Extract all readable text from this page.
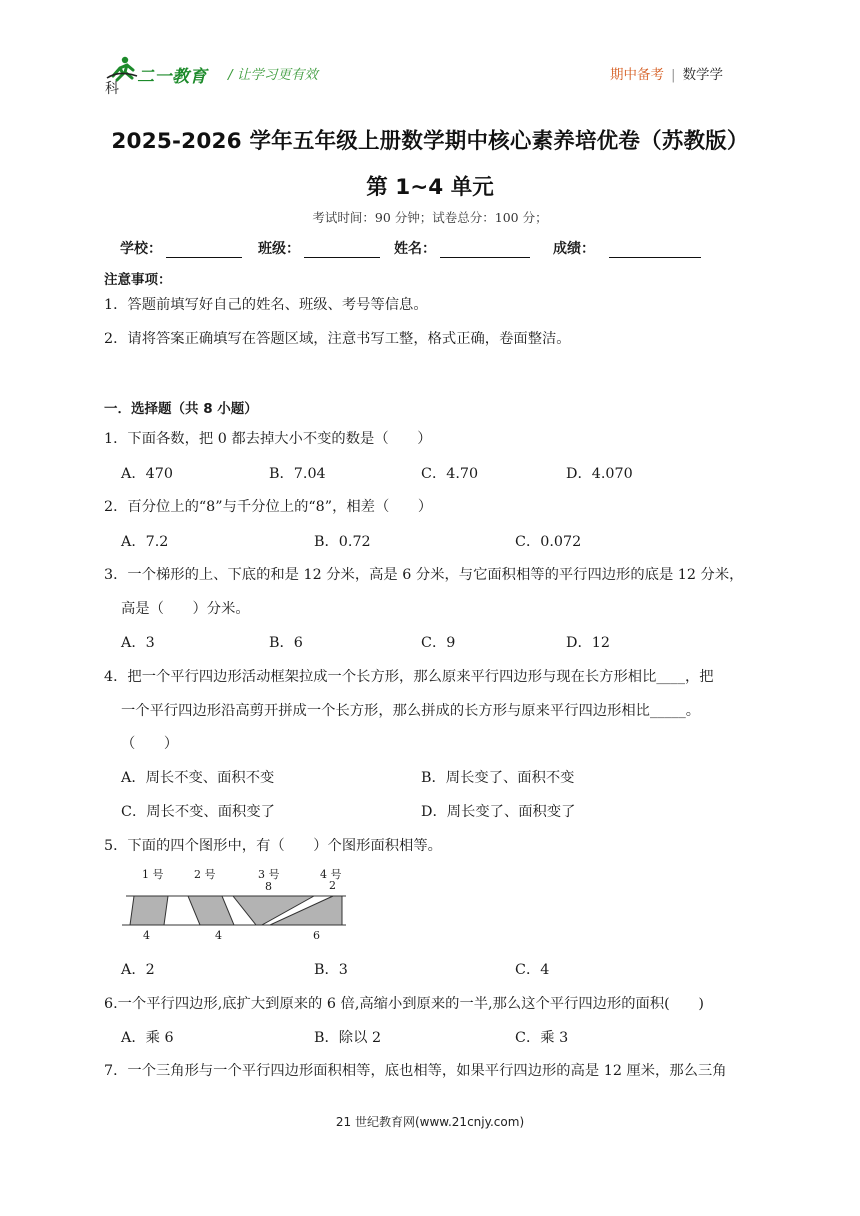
二一教育
科
/ 让学习更有效	期中备考 | 数学学
2025-2026 学年五年级上册数学期中核心素养培优卷（苏教版）
第 1~4 单元
考试时间：90 分钟；试卷总分：100 分；
学校：	班级：	姓名：	成绩：
注意事项：
1．答题前填写好自己的姓名、班级、考号等信息。
2．请将答案正确填写在答题区域，注意书写工整，格式正确，卷面整洁。
一．选择题（共 8 小题）
1．下面各数，把 0 都去掉大小不变的数是（　　）
A．470	B．7.04	C．4.70	D．4.070
2．百分位上的“8”与千分位上的“8”，相差（　　）
A．7.2	B．0.72	C．0.072
3．一个梯形的上、下底的和是 12 分米，高是 6 分米，与它面积相等的平行四边形的底是 12 分米，
高是（　　）分米。
A．3	B．6	C．9	D．12
4．把一个平行四边形活动框架拉成一个长方形，那么原来平行四边形与现在长方形相比____，把
一个平行四边形沿高剪开拼成一个长方形，那么拼成的长方形与原来平行四边形相比_____。
（　　）
A．周长不变、面积不变	B．周长变了、面积不变
C．周长不变、面积变了	D．周长变了、面积变了
5．下面的四个图形中，有（　　）个图形面积相等。
1 号	2 号	3 号	4 号
8	2
4	4	6
A．2	B．3	C．4
6.一个平行四边形,底扩大到原来的 6 倍,高缩小到原来的一半,那么这个平行四边形的面积(　　)
A．乘 6	B．除以 2	C．乘 3
7．一个三角形与一个平行四边形面积相等，底也相等，如果平行四边形的高是 12 厘米，那么三角
21 世纪教育网(www.21cnjy.com)
